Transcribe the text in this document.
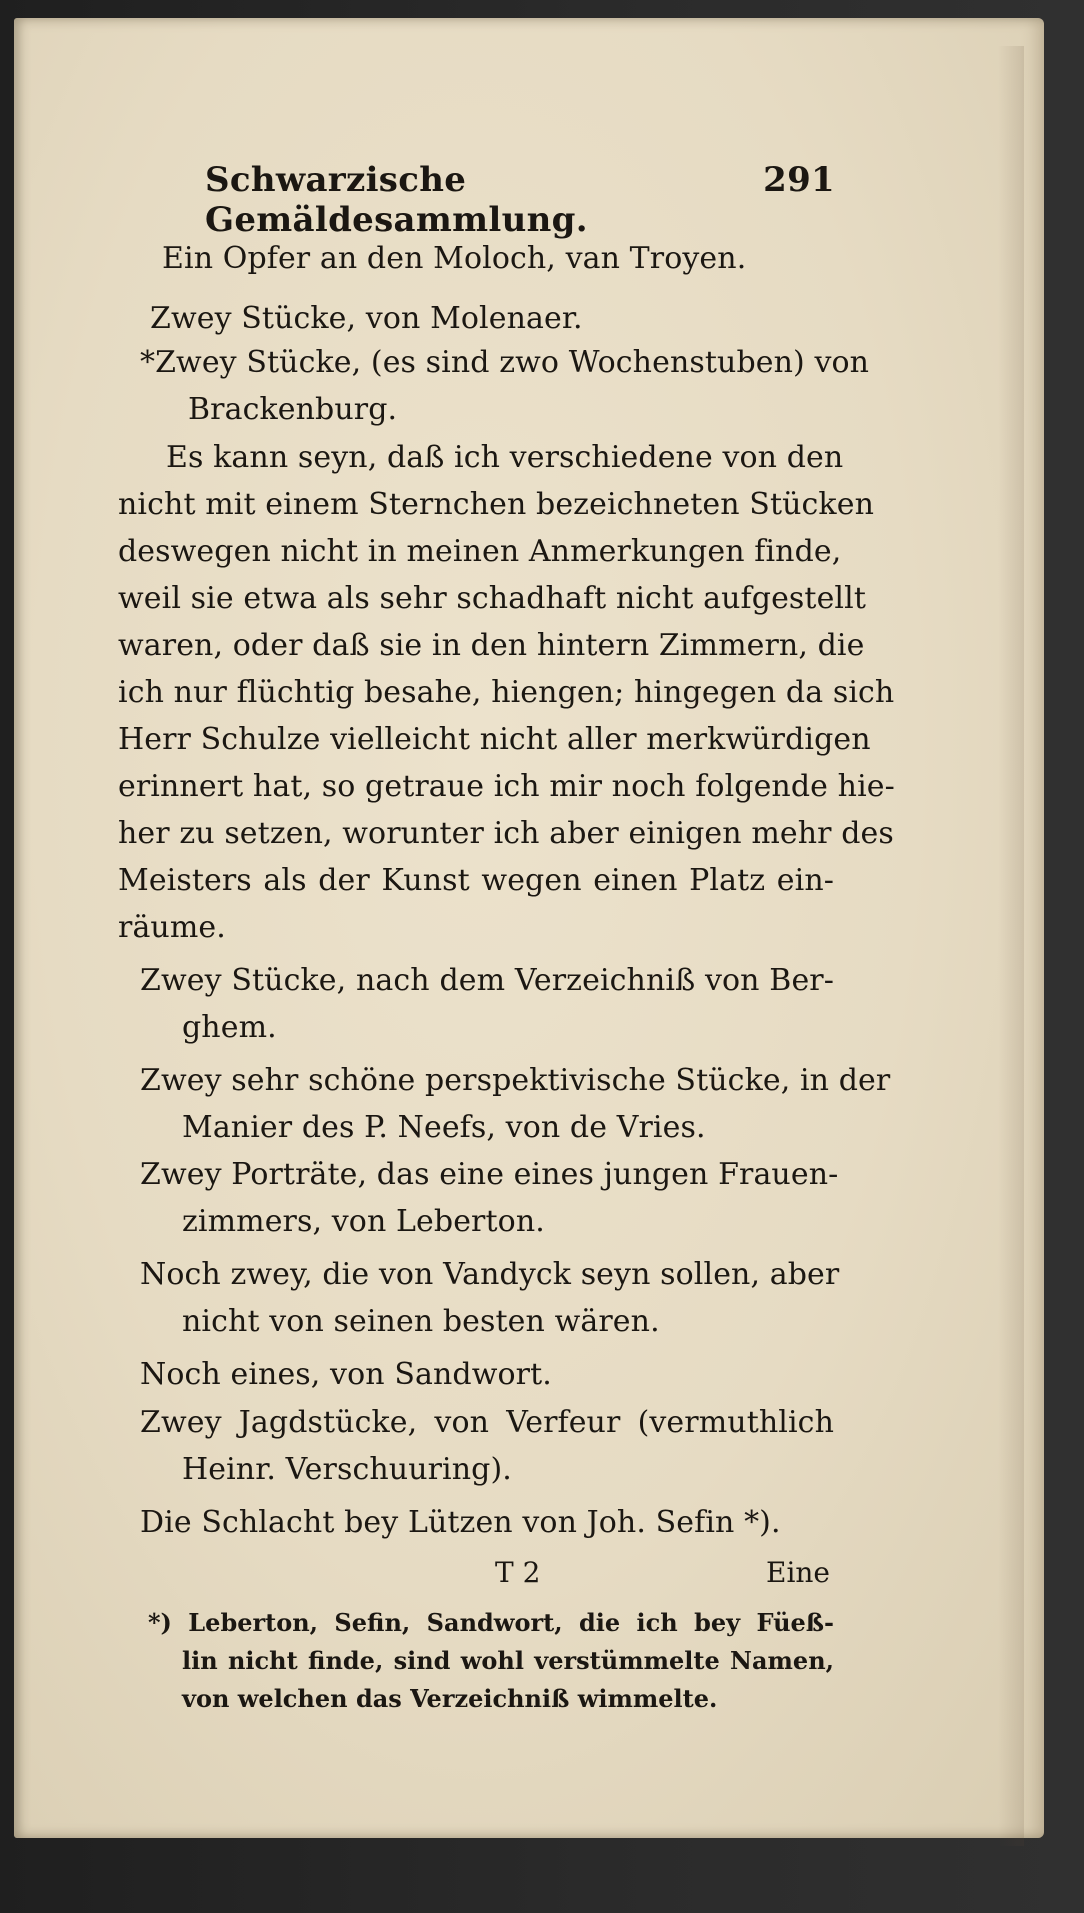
Schwarzische Gemäldesammlung.
291
Ein Opfer an den Moloch, van Troyen.
Zwey Stücke, von Molenaer.
*Zwey Stücke, (es sind zwo Wochenstuben) von
Brackenburg.
Es kann seyn, daß ich verschiedene von den
nicht mit einem Sternchen bezeichneten Stücken
deswegen nicht in meinen Anmerkungen finde,
weil sie etwa als sehr schadhaft nicht aufgestellt
waren, oder daß sie in den hintern Zimmern, die
ich nur flüchtig besahe, hiengen; hingegen da sich
Herr Schulze vielleicht nicht aller merkwürdigen
erinnert hat, so getraue ich mir noch folgende hie-
her zu setzen, worunter ich aber einigen mehr des
Meisters als der Kunst wegen einen Platz ein-
räume.
Zwey Stücke, nach dem Verzeichniß von Ber-
ghem.
Zwey sehr schöne perspektivische Stücke, in der
Manier des P. Neefs, von de Vries.
Zwey Porträte, das eine eines jungen Frauen-
zimmers, von Leberton.
Noch zwey, die von Vandyck seyn sollen, aber
nicht von seinen besten wären.
Noch eines, von Sandwort.
Zwey Jagdstücke, von Verfeur (vermuthlich
Heinr. Verschuuring).
Die Schlacht bey Lützen von Joh. Sefin *).
T 2	Eine
*) Leberton, Sefin, Sandwort, die ich bey Füeß-
lin nicht finde, sind wohl verstümmelte Namen,
von welchen das Verzeichniß wimmelte.
